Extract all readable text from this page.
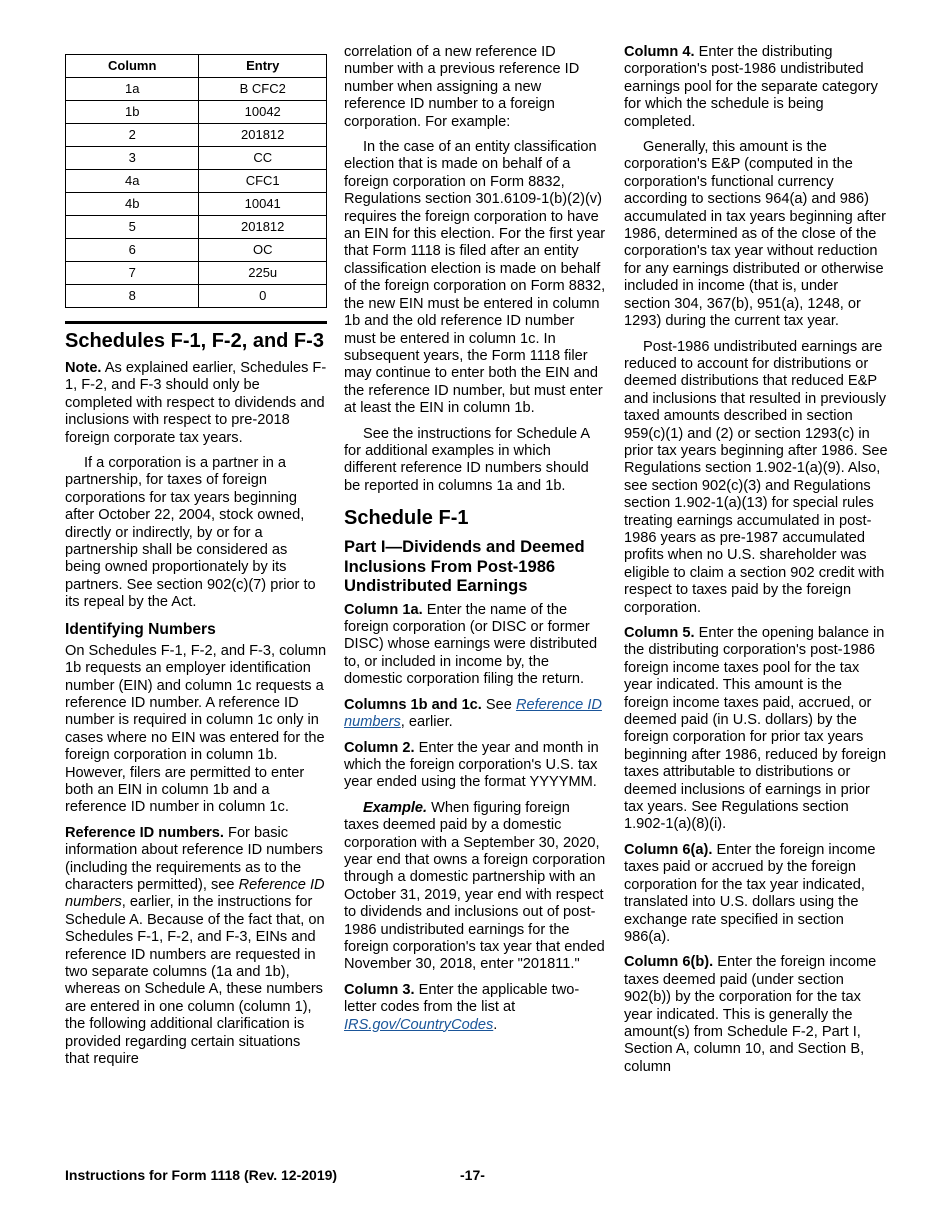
Column	Entry
1a	B CFC2
1b	10042
2	201812
3	CC
4a	CFC1
4b	10041
5	201812
6	OC
7	225u
8	0
Schedules F-1, F-2, and F-3

Note. As explained earlier, Schedules F-1, F-2, and F-3 should only be completed with respect to dividends and inclusions with respect to pre-2018 foreign corporate tax years.

If a corporation is a partner in a partnership, for taxes of foreign corporations for tax years beginning after October 22, 2004, stock owned, directly or indirectly, by or for a partnership shall be considered as being owned proportionately by its partners. See section 902(c)(7) prior to its repeal by the Act.

Identifying Numbers

On Schedules F-1, F-2, and F-3, column 1b requests an employer identification number (EIN) and column 1c requests a reference ID number. A reference ID number is required in column 1c only in cases where no EIN was entered for the foreign corporation in column 1b. However, filers are permitted to enter both an EIN in column 1b and a reference ID number in column 1c.

Reference ID numbers. For basic information about reference ID numbers (including the requirements as to the characters permitted), see Reference ID numbers, earlier, in the instructions for Schedule A. Because of the fact that, on Schedules F-1, F-2, and F-3, EINs and reference ID numbers are requested in two separate columns (1a and 1b), whereas on Schedule A, these numbers are entered in one column (column 1), the following additional clarification is provided regarding certain situations that require

correlation of a new reference ID number with a previous reference ID number when assigning a new reference ID number to a foreign corporation. For example:

In the case of an entity classification election that is made on behalf of a foreign corporation on Form 8832, Regulations section 301.6109-1(b)(2)(v) requires the foreign corporation to have an EIN for this election. For the first year that Form 1118 is filed after an entity classification election is made on behalf of the foreign corporation on Form 8832, the new EIN must be entered in column 1b and the old reference ID number must be entered in column 1c. In subsequent years, the Form 1118 filer may continue to enter both the EIN and the reference ID number, but must enter at least the EIN in column 1b.

See the instructions for Schedule A for additional examples in which different reference ID numbers should be reported in columns 1a and 1b.

Schedule F-1
Part I—Dividends and Deemed Inclusions From Post-1986 Undistributed Earnings

Column 1a. Enter the name of the foreign corporation (or DISC or former DISC) whose earnings were distributed to, or included in income by, the domestic corporation filing the return.

Columns 1b and 1c. See Reference ID numbers, earlier.

Column 2. Enter the year and month in which the foreign corporation's U.S. tax year ended using the format YYYYMM.

Example. When figuring foreign taxes deemed paid by a domestic corporation with a September 30, 2020, year end that owns a foreign corporation through a domestic partnership with an October 31, 2019, year end with respect to dividends and inclusions out of post-1986 undistributed earnings for the foreign corporation's tax year that ended November 30, 2018, enter "201811."

Column 3. Enter the applicable two-letter codes from the list at IRS.gov/CountryCodes.

Column 4. Enter the distributing corporation's post-1986 undistributed earnings pool for the separate category for which the schedule is being completed.

Generally, this amount is the corporation's E&P (computed in the corporation's functional currency according to sections 964(a) and 986) accumulated in tax years beginning after 1986, determined as of the close of the corporation's tax year without reduction for any earnings distributed or otherwise included in income (that is, under section 304, 367(b), 951(a), 1248, or 1293) during the current tax year.

Post-1986 undistributed earnings are reduced to account for distributions or deemed distributions that reduced E&P and inclusions that resulted in previously taxed amounts described in section 959(c)(1) and (2) or section 1293(c) in prior tax years beginning after 1986. See Regulations section 1.902-1(a)(9). Also, see section 902(c)(3) and Regulations section 1.902-1(a)(13) for special rules treating earnings accumulated in post-1986 years as pre-1987 accumulated profits when no U.S. shareholder was eligible to claim a section 902 credit with respect to taxes paid by the foreign corporation.

Column 5. Enter the opening balance in the distributing corporation's post-1986 foreign income taxes pool for the tax year indicated. This amount is the foreign income taxes paid, accrued, or deemed paid (in U.S. dollars) by the foreign corporation for prior tax years beginning after 1986, reduced by foreign taxes attributable to distributions or deemed inclusions of earnings in prior tax years. See Regulations section 1.902-1(a)(8)(i).

Column 6(a). Enter the foreign income taxes paid or accrued by the foreign corporation for the tax year indicated, translated into U.S. dollars using the exchange rate specified in section 986(a).

Column 6(b). Enter the foreign income taxes deemed paid (under section 902(b)) by the corporation for the tax year indicated. This is generally the amount(s) from Schedule F-2, Part I, Section A, column 10, and Section B, column

Instructions for Form 1118 (Rev. 12-2019)	-17-
